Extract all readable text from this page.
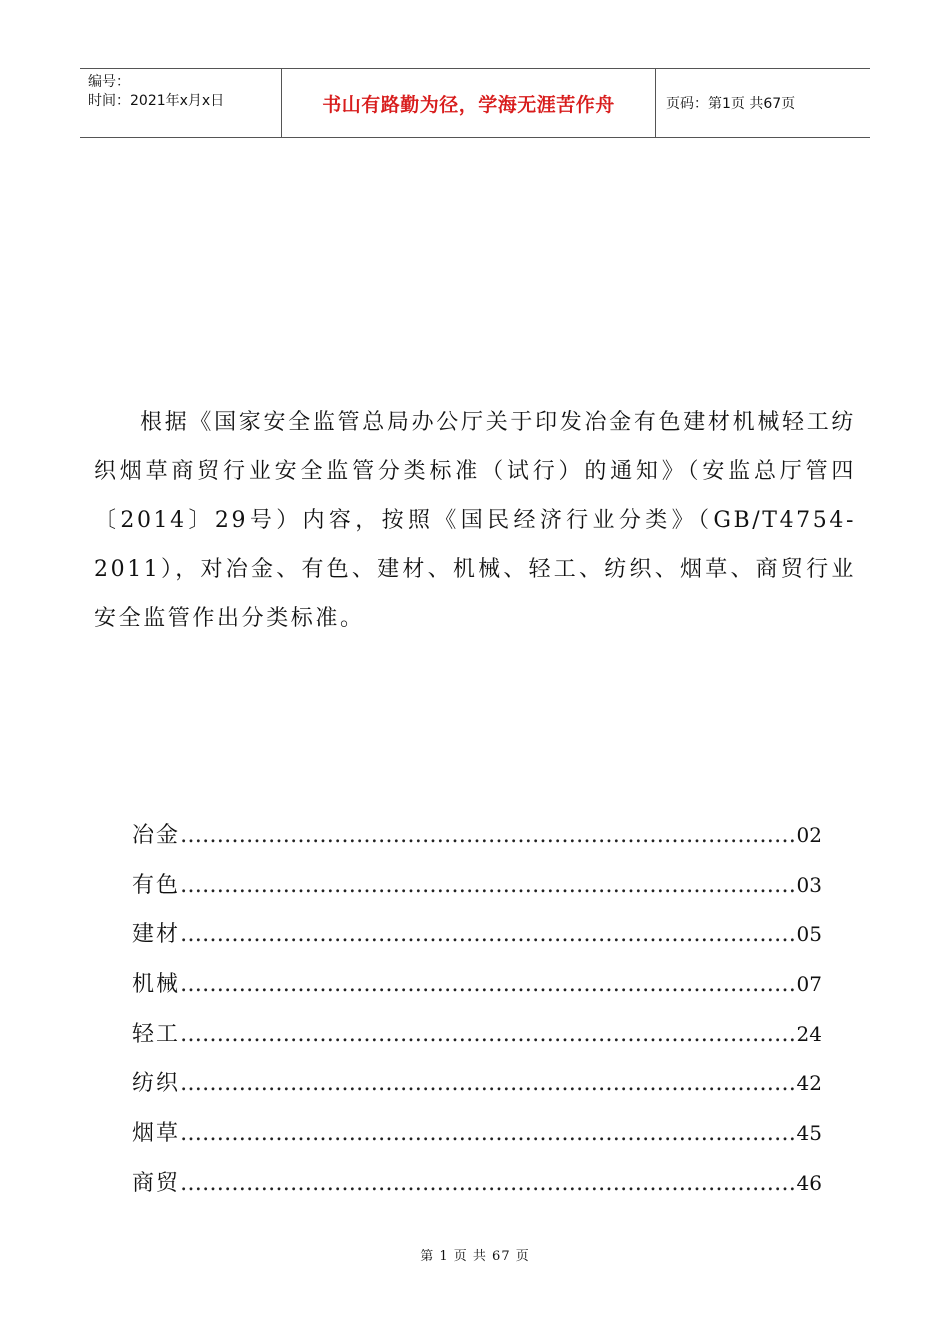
编号：
时间：2021年x月x日	书山有路勤为径，学海无涯苦作舟	页码：第1页 共67页

根据《国家安全监管总局办公厅关于印发冶金有色建材机械轻工纺织烟草商贸行业安全监管分类标准（试行）的通知》（安监总厅管四〔2014〕29号）内容，按照《国民经济行业分类》（GB/T4754-2011），对冶金、有色、建材、机械、轻工、纺织、烟草、商贸行业安全监管作出分类标准。

冶金 …………………………………………………………………………………………………………	02
有色 …………………………………………………………………………………………………………	03
建材 …………………………………………………………………………………………………………	05
机械 …………………………………………………………………………………………………………	07
轻工 …………………………………………………………………………………………………………	24
纺织 …………………………………………………………………………………………………………	42
烟草 …………………………………………………………………………………………………………	45
商贸 …………………………………………………………………………………………………………	46
第 1 页 共 67 页
